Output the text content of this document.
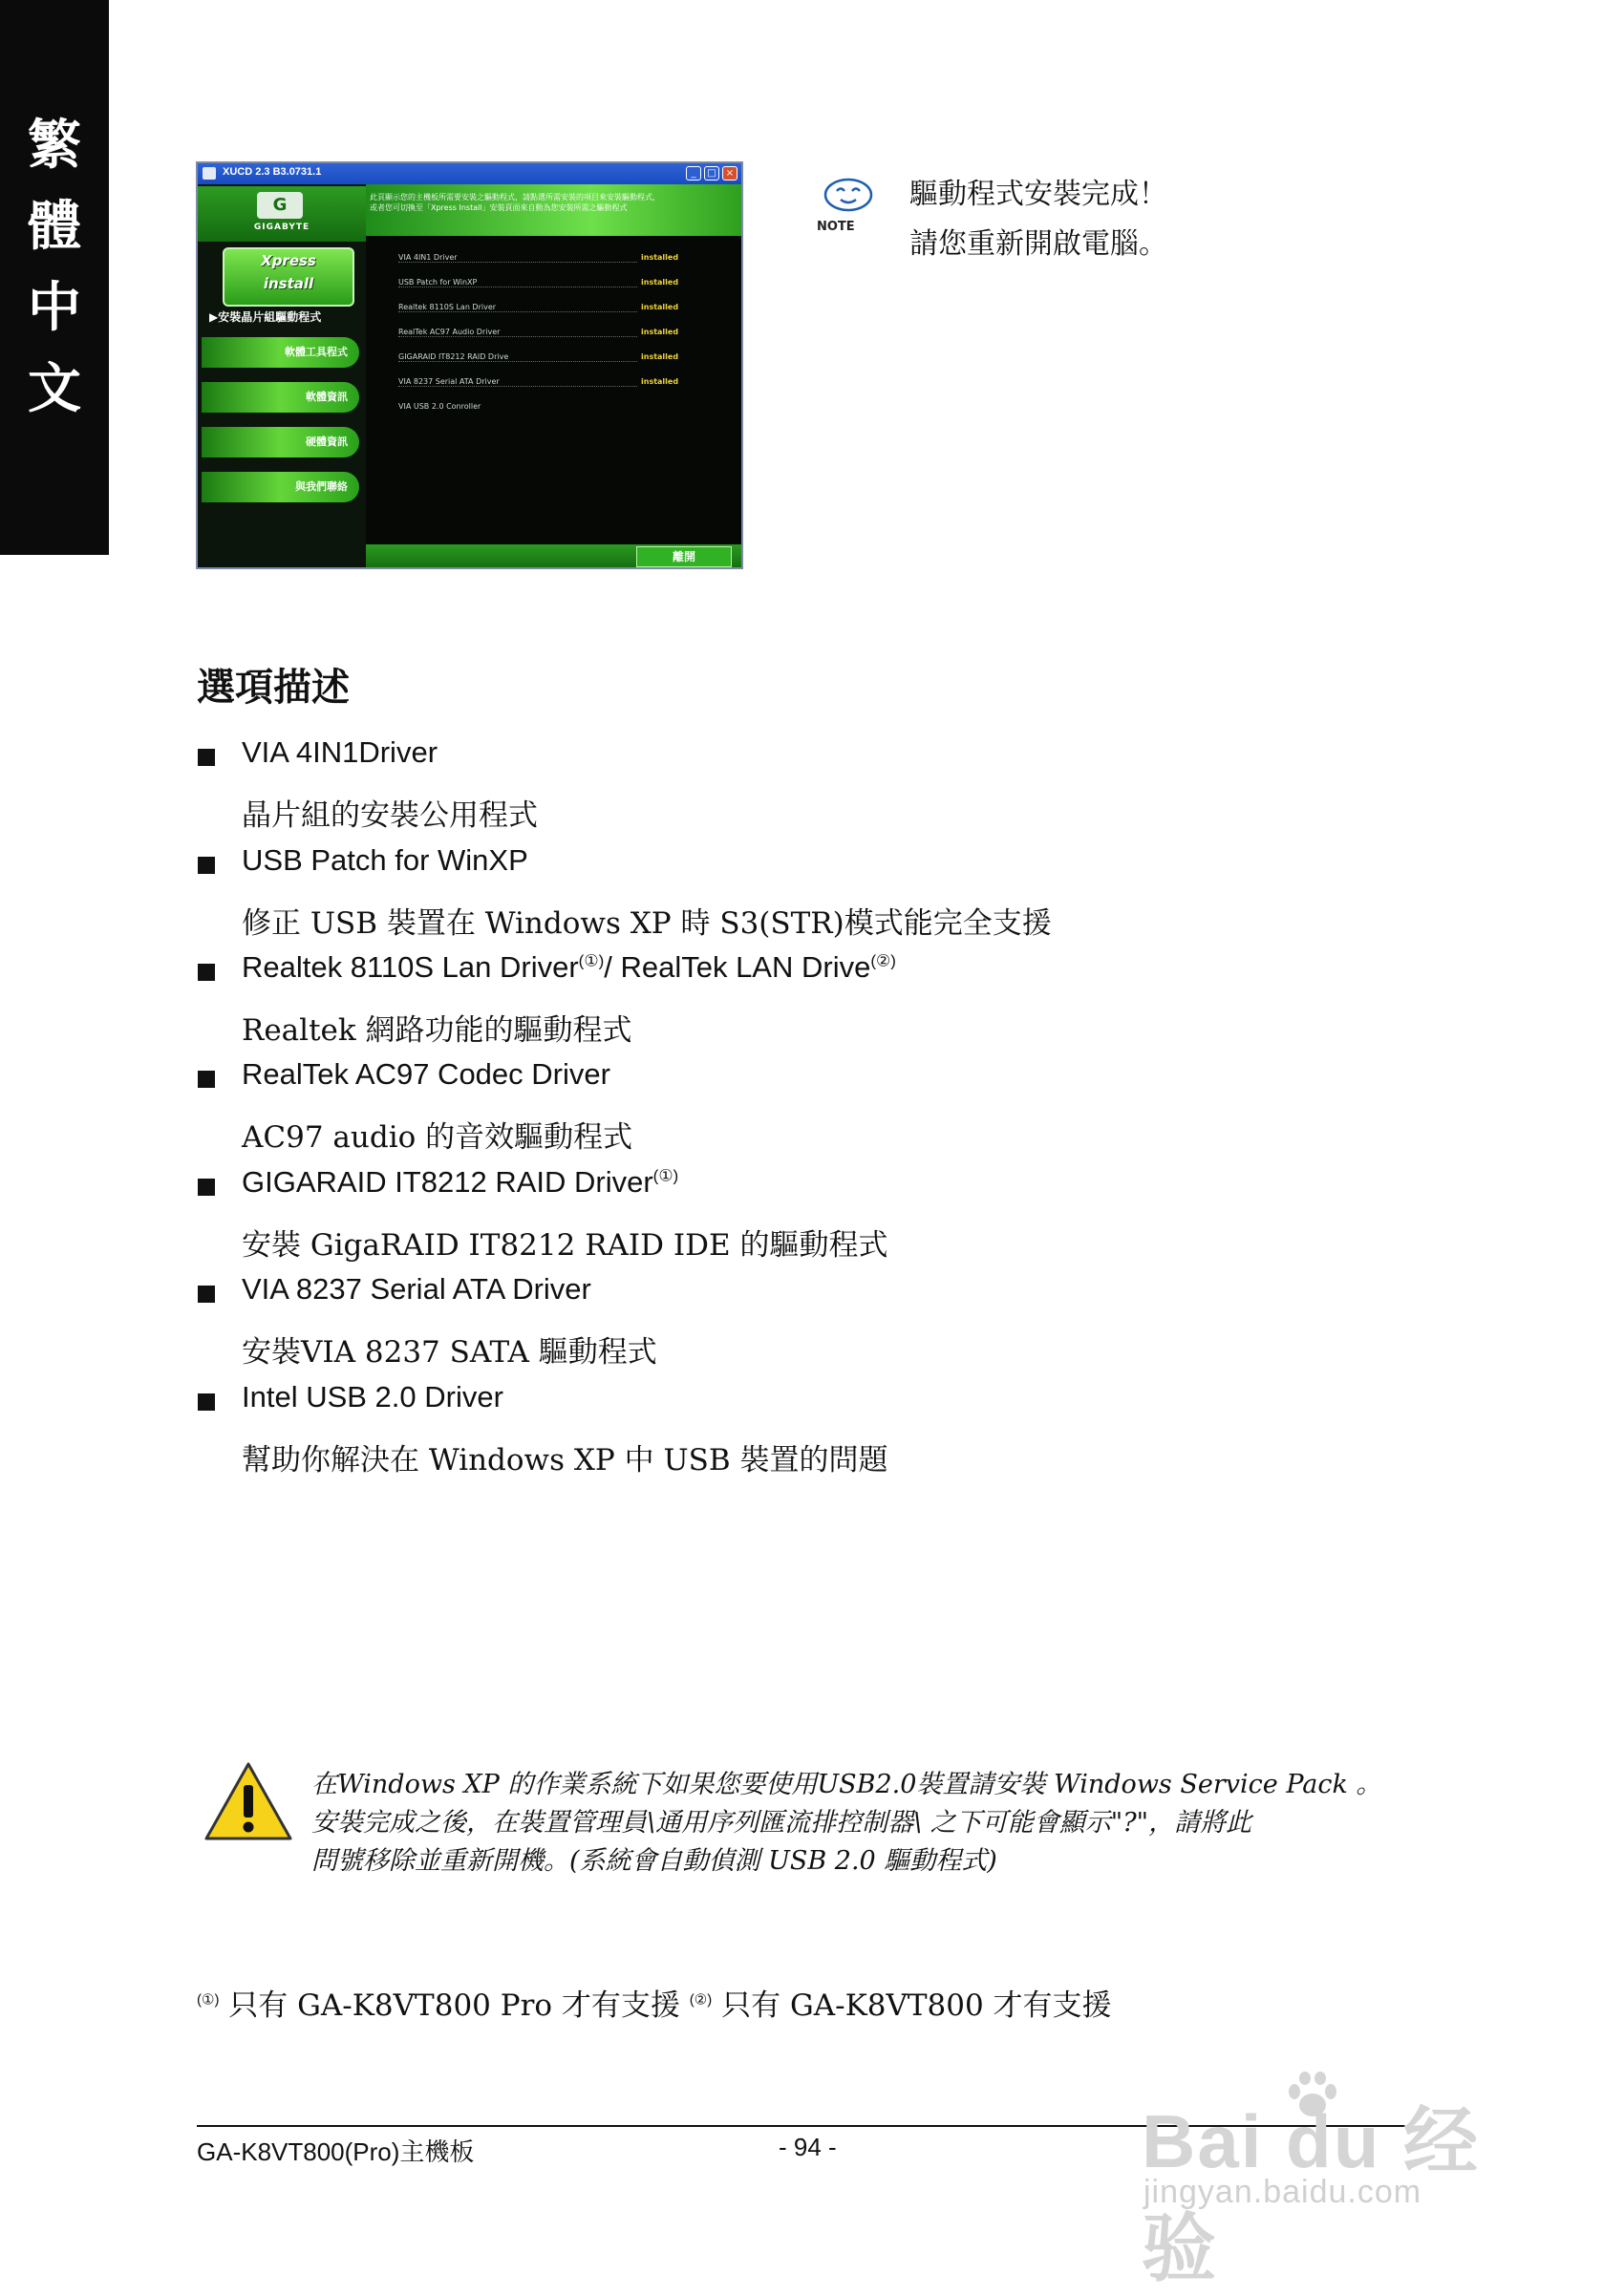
繁
體
中
文
XUCD 2.3 B3.0731.1	_	□	×
G
GIGABYTE
Xpress
install
▶安裝晶片組驅動程式
軟體工具程式
軟體資訊
硬體資訊
與我們聯絡
此頁顯示您的主機板所需要安裝之驅動程式，請點選所需安裝的項目來安裝驅動程式，或者您可切換至「Xpress Install」安裝頁面來自動為您安裝所需之驅動程式
VIA 4IN1 Driver	installed
USB Patch for WinXP	installed
Realtek 8110S Lan Driver	installed
RealTek AC97 Audio Driver	installed
GIGARAID IT8212 RAID Drive	installed
VIA 8237 Serial ATA Driver	installed
VIA USB 2.0 Conroller
離開
NOTE
驅動程式安裝完成！
請您重新開啟電腦。
選項描述
VIA 4IN1Driver
晶片組的安裝公用程式
USB Patch for WinXP
修正 USB 裝置在 Windows XP 時 S3(STR)模式能完全支援
Realtek 8110S Lan Driver(①)/ RealTek LAN Drive(②)
Realtek 網路功能的驅動程式
RealTek AC97 Codec Driver
AC97 audio 的音效驅動程式
GIGARAID IT8212 RAID Driver(①)
安裝 GigaRAID IT8212 RAID IDE 的驅動程式
VIA 8237 Serial ATA Driver
安裝VIA 8237 SATA 驅動程式
Intel USB 2.0 Driver
幫助你解決在 Windows XP 中 USB 裝置的問題
在Windows XP 的作業系統下如果您要使用USB2.0裝置請安裝 Windows Service Pack 。
安裝完成之後，在裝置管理員\通用序列匯流排控制器\ 之下可能會顯示"?"，請將此
問號移除並重新開機。(系統會自動偵測 USB 2.0 驅動程式)
(①) 只有 GA-K8VT800 Pro 才有支援 (②) 只有 GA-K8VT800 才有支援
GA-K8VT800(Pro)主機板	- 94 -	Bai du 经验
jingyan.baidu.com
